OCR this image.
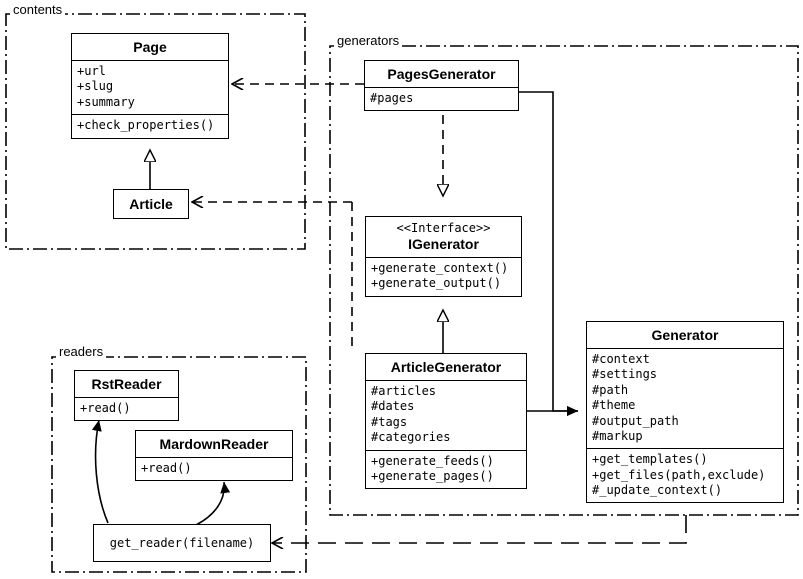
contents
generators
readers
Page
+url
+slug
+summary
+check_properties()
Article
PagesGenerator
#pages
<<Interface>>
IGenerator
+generate_context()
+generate_output()
ArticleGenerator
#articles
#dates
#tags
#categories
+generate_feeds()
+generate_pages()
Generator
#context
#settings
#path
#theme
#output_path
#markup
+get_templates()
+get_files(path,exclude)
#_update_context()
RstReader
+read()
MardownReader
+read()
get_reader(filename)
